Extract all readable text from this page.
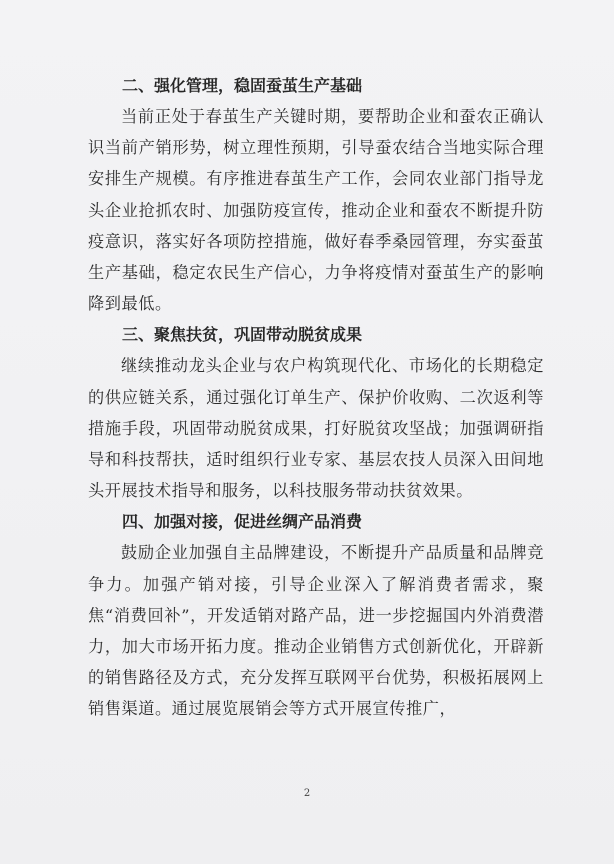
二、强化管理，稳固蚕茧生产基础

当前正处于春茧生产关键时期，要帮助企业和蚕农正确认识当前产销形势，树立理性预期，引导蚕农结合当地实际合理安排生产规模。有序推进春茧生产工作，会同农业部门指导龙头企业抢抓农时、加强防疫宣传，推动企业和蚕农不断提升防疫意识，落实好各项防控措施，做好春季桑园管理，夯实蚕茧生产基础，稳定农民生产信心，力争将疫情对蚕茧生产的影响降到最低。

三、聚焦扶贫，巩固带动脱贫成果

继续推动龙头企业与农户构筑现代化、市场化的长期稳定的供应链关系，通过强化订单生产、保护价收购、二次返利等措施手段，巩固带动脱贫成果，打好脱贫攻坚战；加强调研指导和科技帮扶，适时组织行业专家、基层农技人员深入田间地头开展技术指导和服务，以科技服务带动扶贫效果。

四、加强对接，促进丝绸产品消费

鼓励企业加强自主品牌建设，不断提升产品质量和品牌竞争力。加强产销对接，引导企业深入了解消费者需求，聚焦“消费回补”，开发适销对路产品，进一步挖掘国内外消费潜力，加大市场开拓力度。推动企业销售方式创新优化，开辟新的销售路径及方式，充分发挥互联网平台优势，积极拓展网上销售渠道。通过展览展销会等方式开展宣传推广，

2
